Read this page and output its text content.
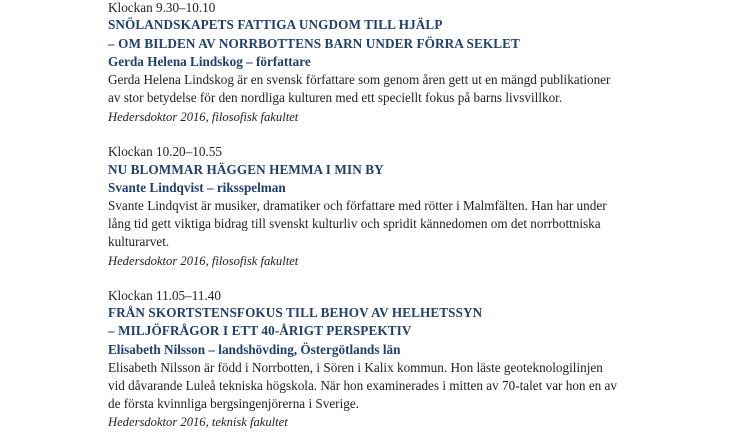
Klockan 9.30–10.10
SNÖLANDSKAPETS FATTIGA UNGDOM TILL HJÄLP
– OM BILDEN AV NORRBOTTENS BARN UNDER FÖRRA SEKLET
Gerda Helena Lindskog – författare
Gerda Helena Lindskog är en svensk författare som genom åren gett ut en mängd publikationer
av stor betydelse för den nordliga kulturen med ett speciellt fokus på barns livsvillkor.
Hedersdoktor 2016, filosofisk fakultet
Klockan 10.20–10.55
NU BLOMMAR HÄGGEN HEMMA I MIN BY
Svante Lindqvist – riksspelman
Svante Lindqvist är musiker, dramatiker och författare med rötter i Malmfälten. Han har under
lång tid gett viktiga bidrag till svenskt kulturliv och spridit kännedomen om det norrbottniska
kulturarvet.
Hedersdoktor 2016, filosofisk fakultet
Klockan 11.05–11.40
FRÅN SKORTSTENSFOKUS TILL BEHOV AV HELHETSSYN
– MILJÖFRÅGOR I ETT 40-ÅRIGT PERSPEKTIV
Elisabeth Nilsson – landshövding, Östergötlands län
Elisabeth Nilsson är född i Norrbotten, i Sören i Kalix kommun. Hon läste geoteknologilinjen
vid dåvarande Luleå tekniska högskola. När hon examinerades i mitten av 70-talet var hon en av
de första kvinnliga bergsingenjörerna i Sverige.
Hedersdoktor 2016, teknisk fakultet
